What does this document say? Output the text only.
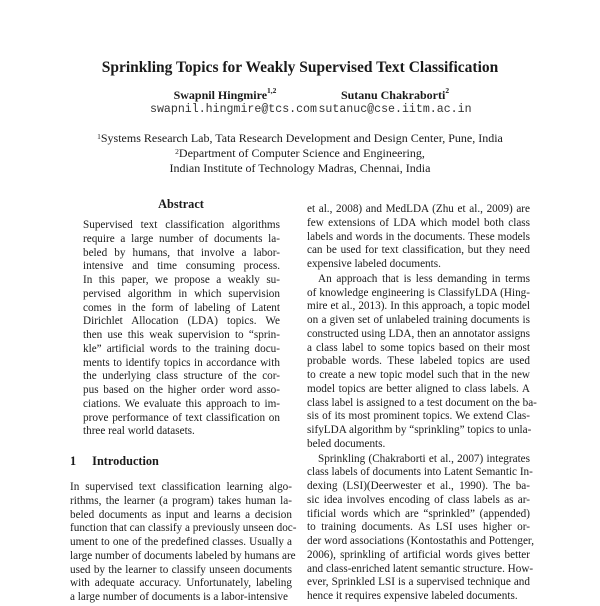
Sprinkling Topics for Weakly Supervised Text Classification
Swapnil Hingmire$^{1,2}$
swapnil.hingmire@tcs.com
Sutanu Chakraborti$^2$
sutanuc@cse.iitm.ac.in
$^1$Systems Research Lab, Tata Research Development and Design Center, Pune, India
$^2$Department of Computer Science and Engineering,
Indian Institute of Technology Madras, Chennai, India
Abstract
Supervised text classification algorithms
require a large number of documents la-
beled by humans, that involve a labor-
intensive and time consuming process.
In this paper, we propose a weakly su-
pervised algorithm in which supervision
comes in the form of labeling of Latent
Dirichlet Allocation (LDA) topics. We
then use this weak supervision to “sprin-
kle” artificial words to the training docu-
ments to identify topics in accordance with
the underlying class structure of the cor-
pus based on the higher order word asso-
ciations. We evaluate this approach to im-
prove performance of text classification on
three real world datasets.
1 Introduction
In supervised text classification learning algo-
rithms, the learner (a program) takes human la-
beled documents as input and learns a decision
function that can classify a previously unseen doc-
ument to one of the predefined classes. Usually a
large number of documents labeled by humans are
used by the learner to classify unseen documents
with adequate accuracy. Unfortunately, labeling
a large number of documents is a labor-intensive
et al., 2008) and MedLDA (Zhu et al., 2009) are
few extensions of LDA which model both class
labels and words in the documents. These models
can be used for text classification, but they need
expensive labeled documents.
An approach that is less demanding in terms
of knowledge engineering is ClassifyLDA (Hing-
mire et al., 2013). In this approach, a topic model
on a given set of unlabeled training documents is
constructed using LDA, then an annotator assigns
a class label to some topics based on their most
probable words. These labeled topics are used
to create a new topic model such that in the new
model topics are better aligned to class labels. A
class label is assigned to a test document on the ba-
sis of its most prominent topics. We extend Clas-
sifyLDA algorithm by “sprinkling” topics to unla-
beled documents.
Sprinkling (Chakraborti et al., 2007) integrates
class labels of documents into Latent Semantic In-
dexing (LSI)(Deerwester et al., 1990). The ba-
sic idea involves encoding of class labels as ar-
tificial words which are “sprinkled” (appended)
to training documents. As LSI uses higher or-
der word associations (Kontostathis and Pottenger,
2006), sprinkling of artificial words gives better
and class-enriched latent semantic structure. How-
ever, Sprinkled LSI is a supervised technique and
hence it requires expensive labeled documents.
